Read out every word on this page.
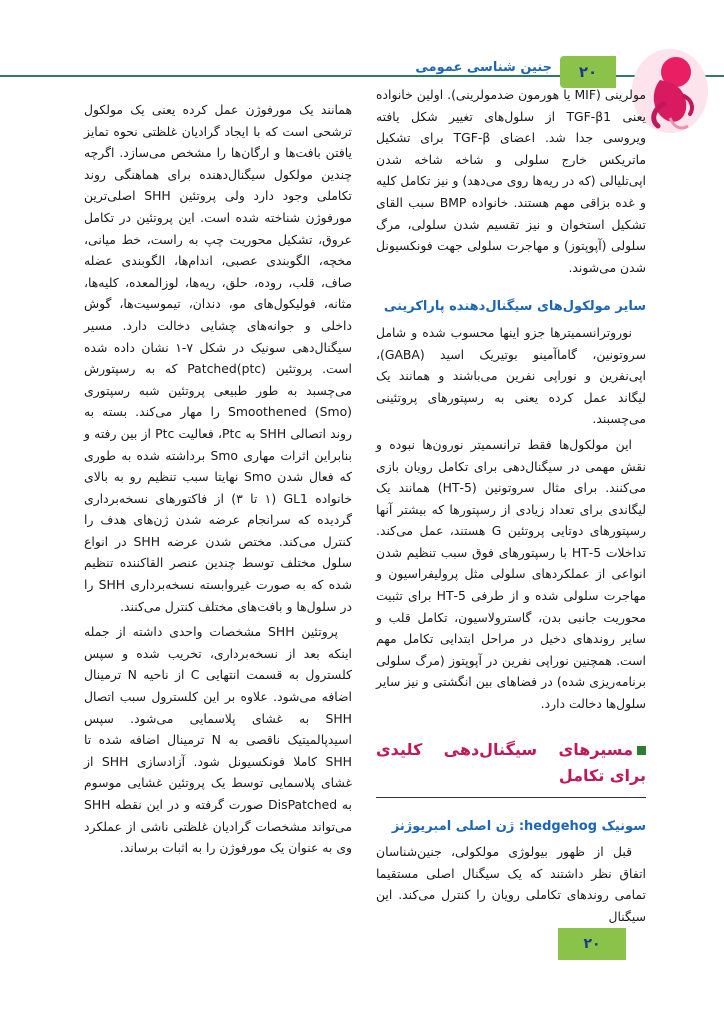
۲۰
جنین شناسی عمومی

مولرینی (MIF یا هورمون ضدمولرینی). اولین خانواده یعنی TGF-β1 از سلول‌های تغییر شکل یافته ویروسی جدا شد. اعضای TGF-β برای تشکیل ماتریکس خارج سلولی و شاخه شاخه شدن اپی‌تلیالی (که در ریه‌ها روی می‌دهد) و نیز تکامل کلیه و غده بزاقی مهم هستند. خانواده BMP سبب القای تشکیل استخوان و نیز تقسیم شدن سلولی، مرگ سلولی (آپوپتوز) و مهاجرت سلولی جهت فونکسیونل شدن می‌شوند.

سایر مولکول‌های سیگنال‌دهنده پاراکرینی

نوروترانسمیترها جزو اینها محسوب شده و شامل سروتونین، گاماآمینو بوتیریک اسید (GABA)، اپی‌نفرین و نوراپی نفرین می‌باشند و همانند یک لیگاند عمل کرده یعنی به رسپتورهای پروتئینی می‌چسبند.

این مولکول‌ها فقط ترانسمیتر نورون‌ها نبوده و نقش مهمی در سیگنال‌دهی برای تکامل رویان بازی می‌کنند. برای مثال سروتونین (5-HT) همانند یک لیگاندی برای تعداد زیادی از رسپتورها که بیشتر آنها رسپتورهای دوتایی پروتئین G هستند، عمل می‌کند. تداخلات 5-HT با رسپتورهای فوق سبب تنظیم شدن انواعی از عملکردهای سلولی مثل پرولیفراسیون و مهاجرت سلولی شده و از طرفی 5-HT برای تثبیت محوریت جانبی بدن، گاسترولاسیون، تکامل قلب و سایر روندهای دخیل در مراحل ابتدایی تکامل مهم است. همچنین نوراپی نفرین در آپوپتوز (مرگ سلولی برنامه‌ریزی شده) در فضاهای بین انگشتی و نیز سایر سلول‌ها دخالت دارد.

مسیرهای سیگنال‌دهی کلیدی برای تکامل
سونیک hedgehog: ژن اصلی امبریوژنز

قبل از ظهور بیولوژی مولکولی، جنین‌شناسان اتفاق نظر داشتند که یک سیگنال اصلی مستقیما تمامی روندهای تکاملی رویان را کنترل می‌کند. این سیگنال

همانند یک مورفوژن عمل کرده یعنی یک مولکول ترشحی است که با ایجاد گرادیان غلظتی نحوه تمایز یافتن بافت‌ها و ارگان‌ها را مشخص می‌سازد. اگرچه چندین مولکول سیگنال‌دهنده برای هماهنگی روند تکاملی وجود دارد ولی پروتئین SHH اصلی‌ترین مورفوژن شناخته شده است. این پروتئین در تکامل عروق، تشکیل محوریت چپ به راست، خط میانی، مخچه، الگوبندی عصبی، اندام‌ها، الگوبندی عضله صاف، قلب، روده، حلق، ریه‌ها، لوزالمعده، کلیه‌ها، مثانه، فولیکول‌های مو، دندان، تیموسیت‌ها، گوش داخلی و جوانه‌های چشایی دخالت دارد. مسیر سیگنال‌دهی سونیک در شکل ۷-۱ نشان داده شده است. پروتئین Patched(ptc) که به رسپتورش می‌چسبد به طور طبیعی پروتئین شبه رسپتوری Smoothened (Smo) را مهار می‌کند. بسته به روند اتصالی SHH به Ptc، فعالیت Ptc از بین رفته و بنابراین اثرات مهاری Smo برداشته شده به طوری که فعال شدن Smo نهایتا سبب تنظیم رو به بالای خانواده GL1 (۱ تا ۳) از فاکتورهای نسخه‌برداری گردیده که سرانجام عرضه شدن ژن‌های هدف را کنترل می‌کند. مختص شدن عرضه SHH در انواع سلول مختلف توسط چندین عنصر القاکننده تنظیم شده که به صورت غیروابسته نسخه‌برداری SHH را در سلول‌ها و بافت‌های مختلف کنترل می‌کنند.

پروتئین SHH مشخصات واحدی داشته از جمله اینکه بعد از نسخه‌برداری، تخریب شده و سپس کلسترول به قسمت انتهایی C از ناحیه N ترمینال اضافه می‌شود. علاوه بر این کلسترول سبب اتصال SHH به غشای پلاسمایی می‌شود. سپس اسیدپالمیتیک ناقصی به N ترمینال اضافه شده تا SHH کاملا فونکسیونل شود. آزادسازی SHH از غشای پلاسمایی توسط یک پروتئین غشایی موسوم به DisPatched صورت گرفته و در این نقطه SHH می‌تواند مشخصات گرادیان غلظتی ناشی از عملکرد وی به عنوان یک مورفوژن را به اثبات برساند.

۲۰
